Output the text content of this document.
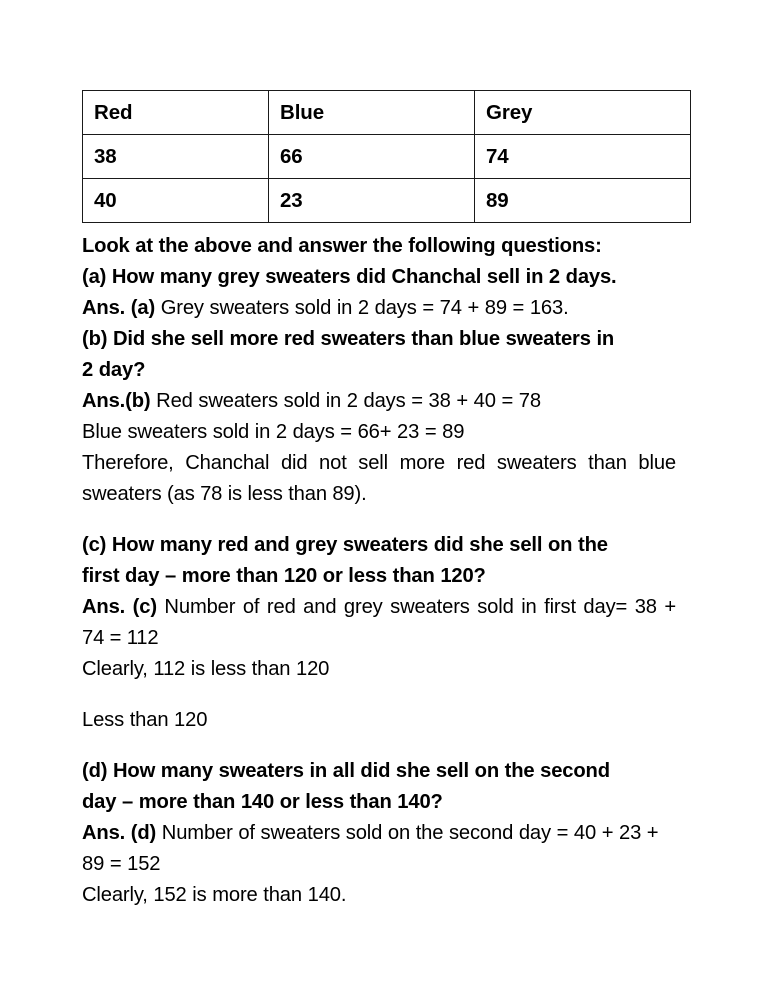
Red	Blue	Grey
38	66	74
40	23	89

Look at the above and answer the following questions:

(a) How many grey sweaters did Chanchal sell in 2 days.

Ans. (a) Grey sweaters sold in 2 days = 74 + 89 = 163.

(b) Did she sell more red sweaters than blue sweaters in

2 day?

Ans.(b) Red sweaters sold in 2 days = 38 + 40 = 78

Blue sweaters sold in 2 days = 66+ 23 = 89

Therefore, Chanchal did not sell more red sweaters than blue sweaters (as 78 is less than 89).

(c) How many red and grey sweaters did she sell on the

first day – more than 120 or less than 120?

Ans. (c) Number of red and grey sweaters sold in first day= 38 + 74 = 112

Clearly, 112 is less than 120

Less than 120

(d) How many sweaters in all did she sell on the second

day – more than 140 or less than 140?

Ans. (d) Number of sweaters sold on the second day = 40 + 23 + 89 = 152

Clearly, 152 is more than 140.
